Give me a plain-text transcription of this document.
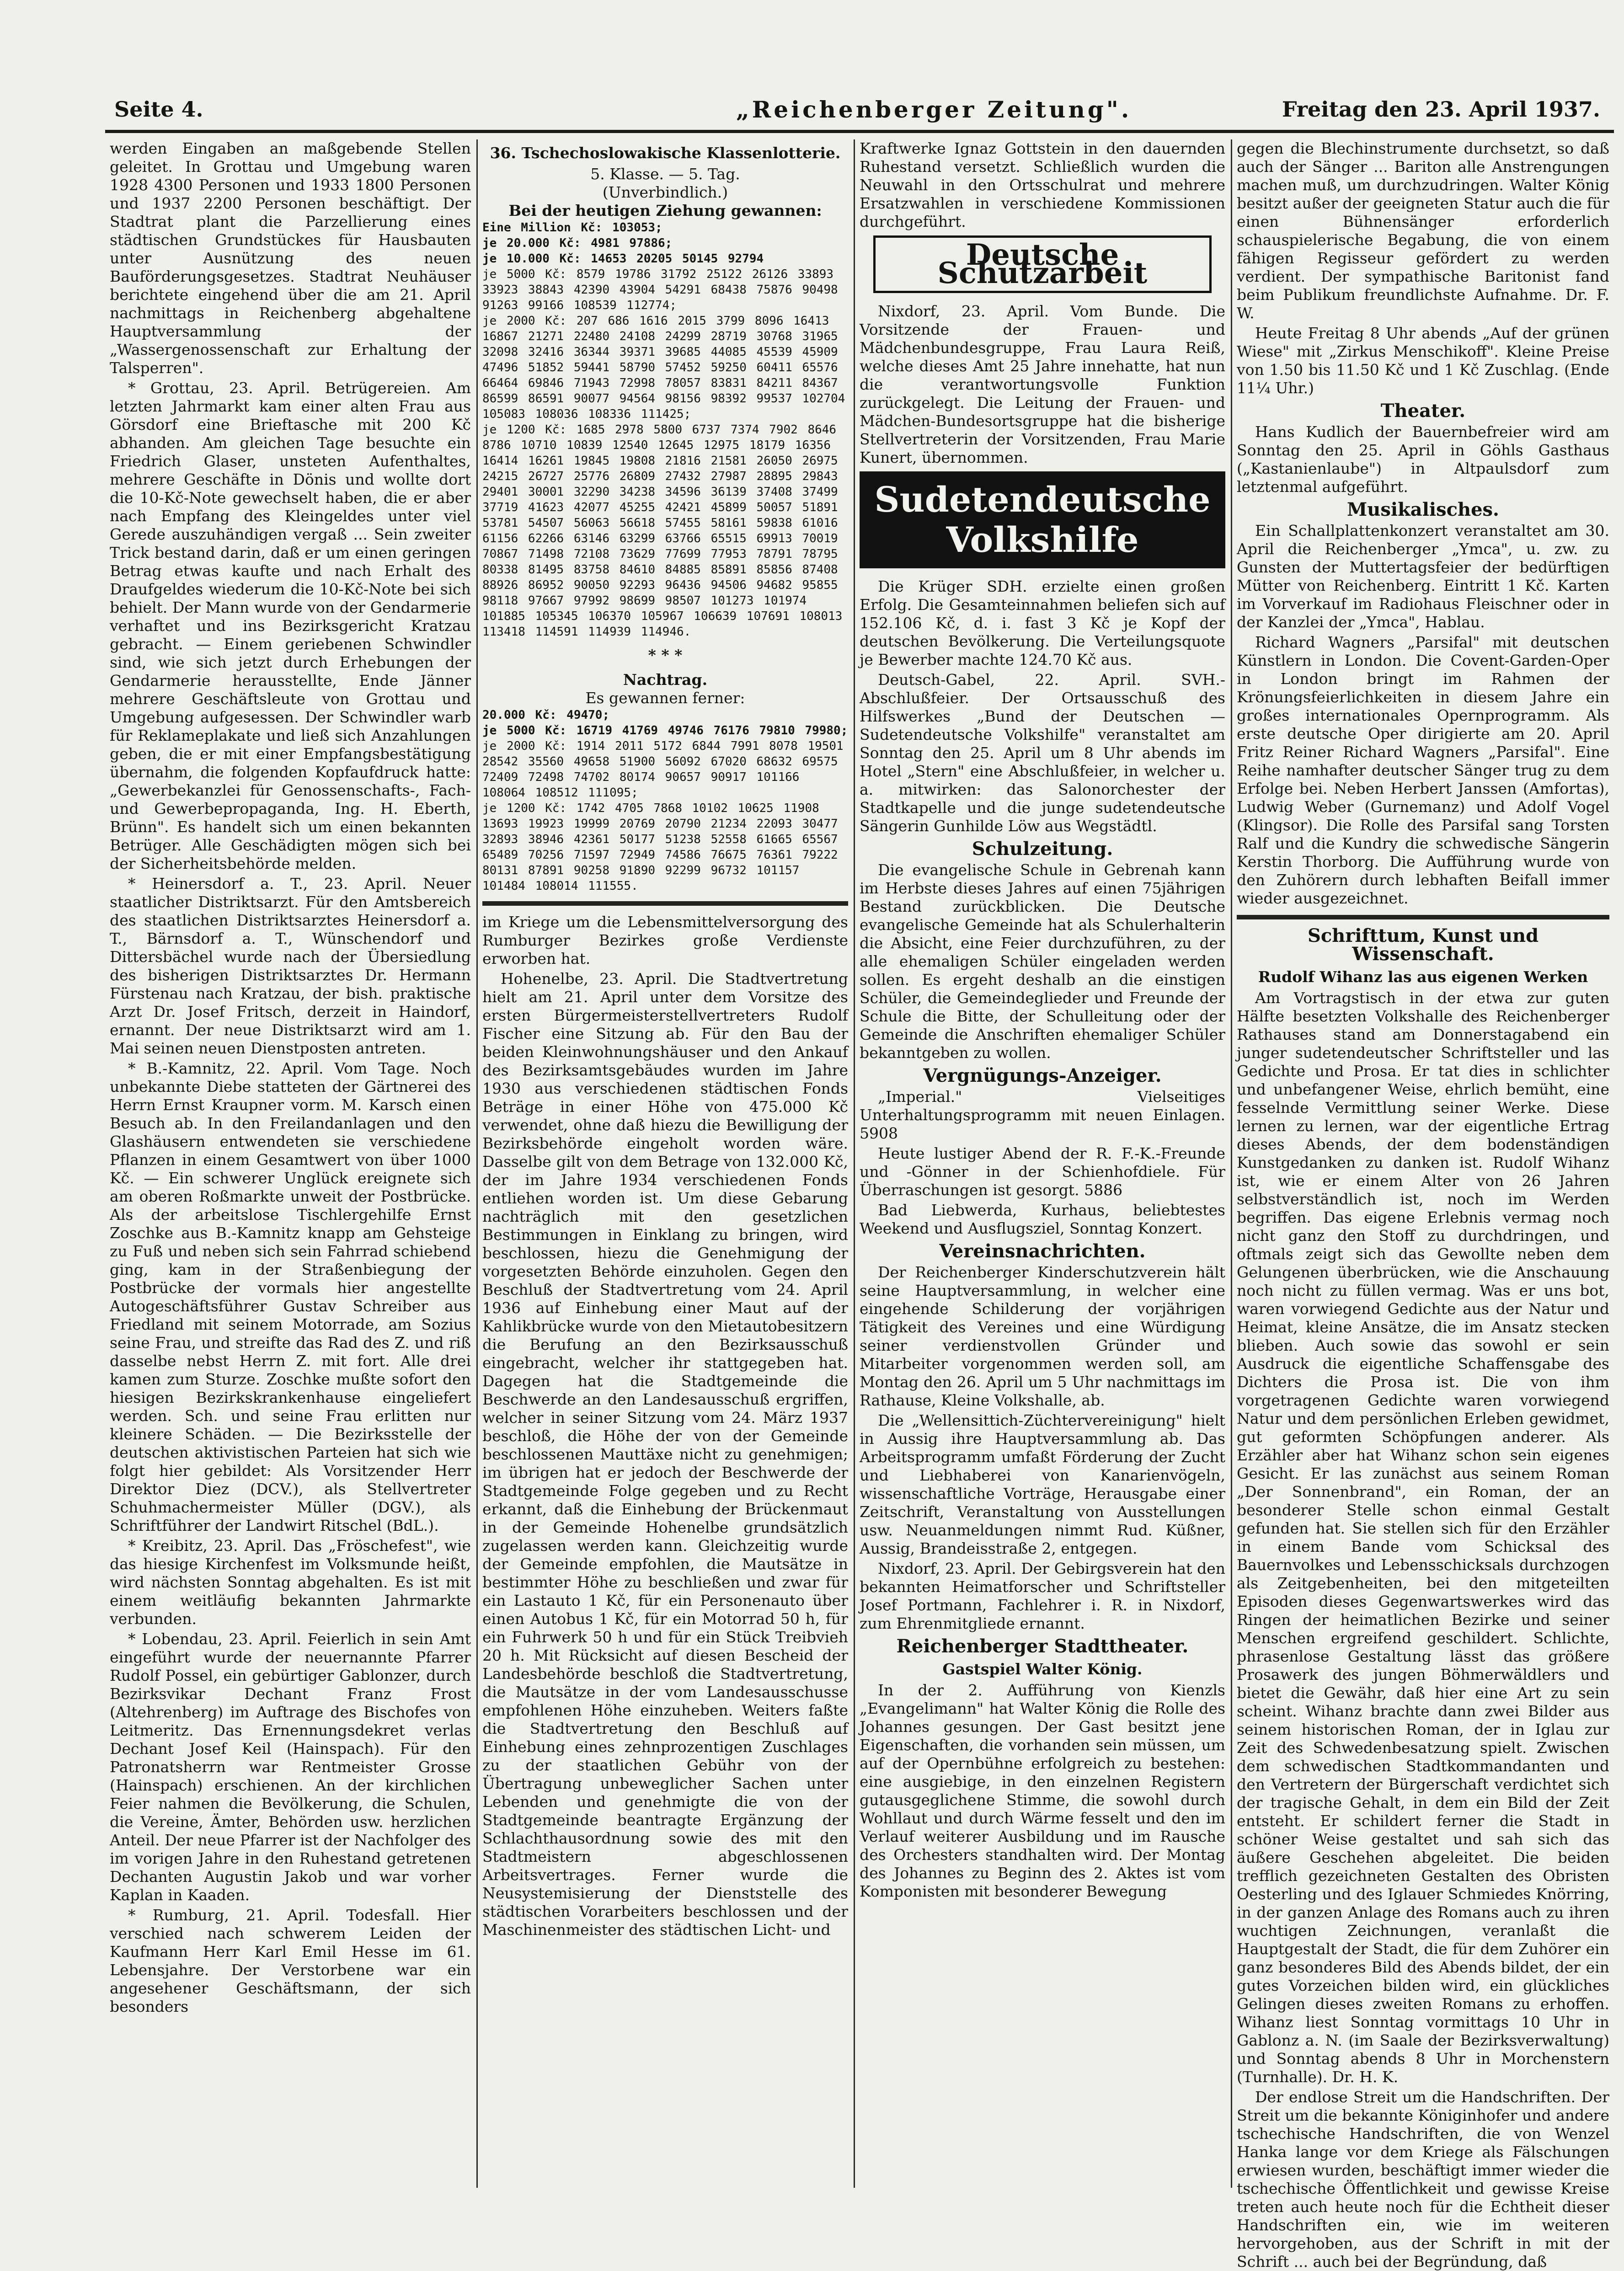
Seite 4.	„Reichenberger Zeitung".	Freitag den 23. April 1937.

werden Eingaben an maßgebende Stellen geleitet. In Grottau und Umgebung waren 1928 4300 Personen und 1933 1800 Personen und 1937 2200 Personen beschäftigt. Der Stadtrat plant die Parzellierung eines städtischen Grundstückes für Hausbauten unter Ausnützung des neuen Bauförderungsgesetzes. Stadtrat Neuhäuser berichtete eingehend über die am 21. April nachmittags in Reichenberg abgehaltene Hauptversammlung der „Wassergenossenschaft zur Erhaltung der Talsperren".

* Grottau, 23. April. Betrügereien. Am letzten Jahrmarkt kam einer alten Frau aus Görsdorf eine Brieftasche mit 200 Kč abhanden. Am gleichen Tage besuchte ein Friedrich Glaser, unsteten Aufenthaltes, mehrere Geschäfte in Dönis und wollte dort die 10-Kč-Note gewechselt haben, die er aber nach Empfang des Kleingeldes unter viel Gerede auszuhändigen vergaß ... Sein zweiter Trick bestand darin, daß er um einen geringen Betrag etwas kaufte und nach Erhalt des Draufgeldes wiederum die 10-Kč-Note bei sich behielt. Der Mann wurde von der Gendarmerie verhaftet und ins Bezirksgericht Kratzau gebracht. — Einem geriebenen Schwindler sind, wie sich jetzt durch Erhebungen der Gendarmerie herausstellte, Ende Jänner mehrere Geschäftsleute von Grottau und Umgebung aufgesessen. Der Schwindler warb für Reklameplakate und ließ sich Anzahlungen geben, die er mit einer Empfangsbestätigung übernahm, die folgenden Kopfaufdruck hatte: „Gewerbekanzlei für Genossenschafts-, Fach- und Gewerbepropaganda, Ing. H. Eberth, Brünn". Es handelt sich um einen bekannten Betrüger. Alle Geschädigten mögen sich bei der Sicherheitsbehörde melden.

* Heinersdorf a. T., 23. April. Neuer staatlicher Distriktsarzt. Für den Amtsbereich des staatlichen Distriktsarztes Heinersdorf a. T., Bärnsdorf a. T., Wünschendorf und Dittersbächel wurde nach der Übersiedlung des bisherigen Distriktsarztes Dr. Hermann Fürstenau nach Kratzau, der bish. praktische Arzt Dr. Josef Fritsch, derzeit in Haindorf, ernannt. Der neue Distriktsarzt wird am 1. Mai seinen neuen Dienstposten antreten.

* B.-Kamnitz, 22. April. Vom Tage. Noch unbekannte Diebe statteten der Gärtnerei des Herrn Ernst Kraupner vorm. M. Karsch einen Besuch ab. In den Freilandanlagen und den Glashäusern entwendeten sie verschiedene Pflanzen in einem Gesamtwert von über 1000 Kč. — Ein schwerer Unglück ereignete sich am oberen Roßmarkte unweit der Postbrücke. Als der arbeitslose Tischlergehilfe Ernst Zoschke aus B.-Kamnitz knapp am Gehsteige zu Fuß und neben sich sein Fahrrad schiebend ging, kam in der Straßenbiegung der Postbrücke der vormals hier angestellte Autogeschäftsführer Gustav Schreiber aus Friedland mit seinem Motorrade, am Sozius seine Frau, und streifte das Rad des Z. und riß dasselbe nebst Herrn Z. mit fort. Alle drei kamen zum Sturze. Zoschke mußte sofort den hiesigen Bezirkskrankenhause eingeliefert werden. Sch. und seine Frau erlitten nur kleinere Schäden. — Die Bezirksstelle der deutschen aktivistischen Parteien hat sich wie folgt hier gebildet: Als Vorsitzender Herr Direktor Diez (DCV.), als Stellvertreter Schuhmachermeister Müller (DGV.), als Schriftführer der Landwirt Ritschel (BdL.).

* Kreibitz, 23. April. Das „Fröschefest", wie das hiesige Kirchenfest im Volksmunde heißt, wird nächsten Sonntag abgehalten. Es ist mit einem weitläufig bekannten Jahrmarkte verbunden.

* Lobendau, 23. April. Feierlich in sein Amt eingeführt wurde der neuernannte Pfarrer Rudolf Possel, ein gebürtiger Gablonzer, durch Bezirksvikar Dechant Franz Frost (Altehrenberg) im Auftrage des Bischofes von Leitmeritz. Das Ernennungsdekret verlas Dechant Josef Keil (Hainspach). Für den Patronatsherrn war Rentmeister Grosse (Hainspach) erschienen. An der kirchlichen Feier nahmen die Bevölkerung, die Schulen, die Vereine, Ämter, Behörden usw. herzlichen Anteil. Der neue Pfarrer ist der Nachfolger des im vorigen Jahre in den Ruhestand getretenen Dechanten Augustin Jakob und war vorher Kaplan in Kaaden.

* Rumburg, 21. April. Todesfall. Hier verschied nach schwerem Leiden der Kaufmann Herr Karl Emil Hesse im 61. Lebensjahre. Der Verstorbene war ein angesehener Geschäftsmann, der sich besonders

36. Tschechoslowakische Klassenlotterie.
5. Klasse. — 5. Tag.
(Unverbindlich.)
Bei der heutigen Ziehung gewannen:
Eine Million Kč: 103053;
je 20.000 Kč: 4981 97886;
je 10.000 Kč: 14653 20205 50145 92794
je 5000 Kč: 8579 19786 31792 25122 26126 33893 33923 38843 42390 43904 54291 68438 75876 90498 91263 99166 108539 112774;
je 2000 Kč: 207 686 1616 2015 3799 8096 16413 16867 21271 22480 24108 24299 28719 30768 31965 32098 32416 36344 39371 39685 44085 45539 45909 47496 51852 59441 58790 57452 59250 60411 65576 66464 69846 71943 72998 78057 83831 84211 84367 86599 86591 90077 94564 98156 98392 99537 102704 105083 108036 108336 111425;
je 1200 Kč: 1685 2978 5800 6737 7374 7902 8646 8786 10710 10839 12540 12645 12975 18179 16356 16414 16261 19845 19808 21816 21581 26050 26975 24215 26727 25776 26809 27432 27987 28895 29843 29401 30001 32290 34238 34596 36139 37408 37499 37719 41623 42077 45255 42421 45899 50057 51891 53781 54507 56063 56618 57455 58161 59838 61016 61156 62266 63146 63299 63766 65515 69913 70019 70867 71498 72108 73629 77699 77953 78791 78795 80338 81495 83758 84610 84885 85891 85856 87408 88926 86952 90050 92293 96436 94506 94682 95855 98118 97667 97992 98699 98507 101273 101974 101885 105345 106370 105967 106639 107691 108013 113418 114591 114939 114946.
* * *
Nachtrag.
Es gewannen ferner:
20.000 Kč: 49470;
je 5000 Kč: 16719 41769 49746 76176 79810 79980;
je 2000 Kč: 1914 2011 5172 6844 7991 8078 19501 28542 35560 49658 51900 56092 67020 68632 69575 72409 72498 74702 80174 90657 90917 101166 108064 108512 111095;
je 1200 Kč: 1742 4705 7868 10102 10625 11908 13693 19923 19999 20769 20790 21234 22093 30477 32893 38946 42361 50177 51238 52558 61665 65567 65489 70256 71597 72949 74586 76675 76361 79222 80131 87891 90258 91890 92299 96732 101157 101484 108014 111555.

im Kriege um die Lebensmittelversorgung des Rumburger Bezirkes große Verdienste erworben hat.

Hohenelbe, 23. April. Die Stadtvertretung hielt am 21. April unter dem Vorsitze des ersten Bürgermeisterstellvertreters Rudolf Fischer eine Sitzung ab. Für den Bau der beiden Kleinwohnungshäuser und den Ankauf des Bezirksamtsgebäudes wurden im Jahre 1930 aus verschiedenen städtischen Fonds Beträge in einer Höhe von 475.000 Kč verwendet, ohne daß hiezu die Bewilligung der Bezirksbehörde eingeholt worden wäre. Dasselbe gilt von dem Betrage von 132.000 Kč, der im Jahre 1934 verschiedenen Fonds entliehen worden ist. Um diese Gebarung nachträglich mit den gesetzlichen Bestimmungen in Einklang zu bringen, wird beschlossen, hiezu die Genehmigung der vorgesetzten Behörde einzuholen. Gegen den Beschluß der Stadtvertretung vom 24. April 1936 auf Einhebung einer Maut auf der Kahlikbrücke wurde von den Mietautobesitzern die Berufung an den Bezirksausschuß eingebracht, welcher ihr stattgegeben hat. Dagegen hat die Stadtgemeinde die Beschwerde an den Landesausschuß ergriffen, welcher in seiner Sitzung vom 24. März 1937 beschloß, die Höhe der von der Gemeinde beschlossenen Mauttäxe nicht zu genehmigen; im übrigen hat er jedoch der Beschwerde der Stadtgemeinde Folge gegeben und zu Recht erkannt, daß die Einhebung der Brückenmaut in der Gemeinde Hohenelbe grundsätzlich zugelassen werden kann. Gleichzeitig wurde der Gemeinde empfohlen, die Mautsätze in bestimmter Höhe zu beschließen und zwar für ein Lastauto 1 Kč, für ein Personenauto über einen Autobus 1 Kč, für ein Motorrad 50 h, für ein Fuhrwerk 50 h und für ein Stück Treibvieh 20 h. Mit Rücksicht auf diesen Bescheid der Landesbehörde beschloß die Stadtvertretung, die Mautsätze in der vom Landesausschusse empfohlenen Höhe einzuheben. Weiters faßte die Stadtvertretung den Beschluß auf Einhebung eines zehnprozentigen Zuschlages zu der staatlichen Gebühr von der Übertragung unbeweglicher Sachen unter Lebenden und genehmigte die von der Stadtgemeinde beantragte Ergänzung der Schlachthausordnung sowie des mit den Stadtmeistern abgeschlossenen Arbeitsvertrages. Ferner wurde die Neusystemisierung der Dienststelle des städtischen Vorarbeiters beschlossen und der Maschinenmeister des städtischen Licht- und

Kraftwerke Ignaz Gottstein in den dauernden Ruhestand versetzt. Schließlich wurden die Neuwahl in den Ortsschulrat und mehrere Ersatzwahlen in verschiedene Kommissionen durchgeführt.

Deutsche Schutzarbeit

Nixdorf, 23. April. Vom Bunde. Die Vorsitzende der Frauen- und Mädchenbundesgruppe, Frau Laura Reiß, welche dieses Amt 25 Jahre innehatte, hat nun die verantwortungsvolle Funktion zurückgelegt. Die Leitung der Frauen- und Mädchen-Bundesortsgruppe hat die bisherige Stellvertreterin der Vorsitzenden, Frau Marie Kunert, übernommen.

Sudetendeutsche
Volkshilfe

Die Krüger SDH. erzielte einen großen Erfolg. Die Gesamteinnahmen beliefen sich auf 152.106 Kč, d. i. fast 3 Kč je Kopf der deutschen Bevölkerung. Die Verteilungsquote je Bewerber machte 124.70 Kč aus.

Deutsch-Gabel, 22. April. SVH.-Abschlußfeier. Der Ortsausschuß des Hilfswerkes „Bund der Deutschen — Sudetendeutsche Volkshilfe" veranstaltet am Sonntag den 25. April um 8 Uhr abends im Hotel „Stern" eine Abschlußfeier, in welcher u. a. mitwirken: das Salonorchester der Stadtkapelle und die junge sudetendeutsche Sängerin Gunhilde Löw aus Wegstädtl.

Schulzeitung.

Die evangelische Schule in Gebrenah kann im Herbste dieses Jahres auf einen 75jährigen Bestand zurückblicken. Die Deutsche evangelische Gemeinde hat als Schulerhalterin die Absicht, eine Feier durchzuführen, zu der alle ehemaligen Schüler eingeladen werden sollen. Es ergeht deshalb an die einstigen Schüler, die Gemeindeglieder und Freunde der Schule die Bitte, der Schulleitung oder der Gemeinde die Anschriften ehemaliger Schüler bekanntgeben zu wollen.

Vergnügungs-Anzeiger.

„Imperial." Vielseitiges Unterhaltungsprogramm mit neuen Einlagen. 5908

Heute lustiger Abend der R. F.-K.-Freunde und -Gönner in der Schienhofdiele. Für Überraschungen ist gesorgt. 5886

Bad Liebwerda, Kurhaus, beliebtestes Weekend und Ausflugsziel, Sonntag Konzert.

Vereinsnachrichten.

Der Reichenberger Kinderschutzverein hält seine Hauptversammlung, in welcher eine eingehende Schilderung der vorjährigen Tätigkeit des Vereines und eine Würdigung seiner verdienstvollen Gründer und Mitarbeiter vorgenommen werden soll, am Montag den 26. April um 5 Uhr nachmittags im Rathause, Kleine Volkshalle, ab.

Die „Wellensittich-Züchtervereinigung" hielt in Aussig ihre Hauptversammlung ab. Das Arbeitsprogramm umfaßt Förderung der Zucht und Liebhaberei von Kanarienvögeln, wissenschaftliche Vorträge, Herausgabe einer Zeitschrift, Veranstaltung von Ausstellungen usw. Neuanmeldungen nimmt Rud. Küßner, Aussig, Brandeisstraße 2, entgegen.

Nixdorf, 23. April. Der Gebirgsverein hat den bekannten Heimatforscher und Schriftsteller Josef Portmann, Fachlehrer i. R. in Nixdorf, zum Ehrenmitgliede ernannt.

Reichenberger Stadttheater.
Gastspiel Walter König.

In der 2. Aufführung von Kienzls „Evangelimann" hat Walter König die Rolle des Johannes gesungen. Der Gast besitzt jene Eigenschaften, die vorhanden sein müssen, um auf der Opernbühne erfolgreich zu bestehen: eine ausgiebige, in den einzelnen Registern gutausgeglichene Stimme, die sowohl durch Wohllaut und durch Wärme fesselt und den im Verlauf weiterer Ausbildung und im Rausche des Orchesters standhalten wird. Der Montag des Johannes zu Beginn des 2. Aktes ist vom Komponisten mit besonderer Bewegung

gegen die Blechinstrumente durchsetzt, so daß auch der Sänger ... Bariton alle Anstrengungen machen muß, um durchzudringen. Walter König besitzt außer der geeigneten Statur auch die für einen Bühnensänger erforderlich schauspielerische Begabung, die von einem fähigen Regisseur gefördert zu werden verdient. Der sympathische Baritonist fand beim Publikum freundlichste Aufnahme. Dr. F. W.

Heute Freitag 8 Uhr abends „Auf der grünen Wiese" mit „Zirkus Menschikoff". Kleine Preise von 1.50 bis 11.50 Kč und 1 Kč Zuschlag. (Ende 11¼ Uhr.)

Theater.

Hans Kudlich der Bauernbefreier wird am Sonntag den 25. April in Göhls Gasthaus („Kastanienlaube") in Altpaulsdorf zum letztenmal aufgeführt.

Musikalisches.

Ein Schallplattenkonzert veranstaltet am 30. April die Reichenberger „Ymca", u. zw. zu Gunsten der Muttertagsfeier der bedürftigen Mütter von Reichenberg. Eintritt 1 Kč. Karten im Vorverkauf im Radiohaus Fleischner oder in der Kanzlei der „Ymca", Hablau.

Richard Wagners „Parsifal" mit deutschen Künstlern in London. Die Covent-Garden-Oper in London bringt im Rahmen der Krönungsfeierlichkeiten in diesem Jahre ein großes internationales Opernprogramm. Als erste deutsche Oper dirigierte am 20. April Fritz Reiner Richard Wagners „Parsifal". Eine Reihe namhafter deutscher Sänger trug zu dem Erfolge bei. Neben Herbert Janssen (Amfortas), Ludwig Weber (Gurnemanz) und Adolf Vogel (Klingsor). Die Rolle des Parsifal sang Torsten Ralf und die Kundry die schwedische Sängerin Kerstin Thorborg. Die Aufführung wurde von den Zuhörern durch lebhaften Beifall immer wieder ausgezeichnet.

Schrifttum, Kunst und Wissenschaft.
Rudolf Wihanz las aus eigenen Werken

Am Vortragstisch in der etwa zur guten Hälfte besetzten Volkshalle des Reichenberger Rathauses stand am Donnerstagabend ein junger sudetendeutscher Schriftsteller und las Gedichte und Prosa. Er tat dies in schlichter und unbefangener Weise, ehrlich bemüht, eine fesselnde Vermittlung seiner Werke. Diese lernen zu lernen, war der eigentliche Ertrag dieses Abends, der dem bodenständigen Kunstgedanken zu danken ist. Rudolf Wihanz ist, wie er einem Alter von 26 Jahren selbstverständlich ist, noch im Werden begriffen. Das eigene Erlebnis vermag noch nicht ganz den Stoff zu durchdringen, und oftmals zeigt sich das Gewollte neben dem Gelungenen überbrücken, wie die Anschauung noch nicht zu füllen vermag. Was er uns bot, waren vorwiegend Gedichte aus der Natur und Heimat, kleine Ansätze, die im Ansatz stecken blieben. Auch sowie das sowohl er sein Ausdruck die eigentliche Schaffensgabe des Dichters die Prosa ist. Die von ihm vorgetragenen Gedichte waren vorwiegend Natur und dem persönlichen Erleben gewidmet, gut geformten Schöpfungen anderer. Als Erzähler aber hat Wihanz schon sein eigenes Gesicht. Er las zunächst aus seinem Roman „Der Sonnenbrand", ein Roman, der an besonderer Stelle schon einmal Gestalt gefunden hat. Sie stellen sich für den Erzähler in einem Bande vom Schicksal des Bauernvolkes und Lebensschicksals durchzogen als Zeitgebenheiten, bei den mitgeteilten Episoden dieses Gegenwartswerkes wird das Ringen der heimatlichen Bezirke und seiner Menschen ergreifend geschildert. Schlichte, phrasenlose Gestaltung lässt das größere Prosawerk des jungen Böhmerwäldlers und bietet die Gewähr, daß hier eine Art zu sein scheint. Wihanz brachte dann zwei Bilder aus seinem historischen Roman, der in Iglau zur Zeit des Schwedenbesatzung spielt. Zwischen dem schwedischen Stadtkommandanten und den Vertretern der Bürgerschaft verdichtet sich der tragische Gehalt, in dem ein Bild der Zeit entsteht. Er schildert ferner die Stadt in schöner Weise gestaltet und sah sich das äußere Geschehen abgeleitet. Die beiden trefflich gezeichneten Gestalten des Obristen Oesterling und des Iglauer Schmiedes Knörring, in der ganzen Anlage des Romans auch zu ihren wuchtigen Zeichnungen, veranlaßt die Hauptgestalt der Stadt, die für dem Zuhörer ein ganz besonderes Bild des Abends bildet, der ein gutes Vorzeichen bilden wird, ein glückliches Gelingen dieses zweiten Romans zu erhoffen. Wihanz liest Sonntag vormittags 10 Uhr in Gablonz a. N. (im Saale der Bezirksverwaltung) und Sonntag abends 8 Uhr in Morchenstern (Turnhalle). Dr. H. K.

Der endlose Streit um die Handschriften. Der Streit um die bekannte Königinhofer und andere tschechische Handschriften, die von Wenzel Hanka lange vor dem Kriege als Fälschungen erwiesen wurden, beschäftigt immer wieder die tschechische Öffentlichkeit und gewisse Kreise treten auch heute noch für die Echtheit dieser Handschriften ein, wie im weiteren hervorgehoben, aus der Schrift in mit der Schrift ... auch bei der Begründung, daß
